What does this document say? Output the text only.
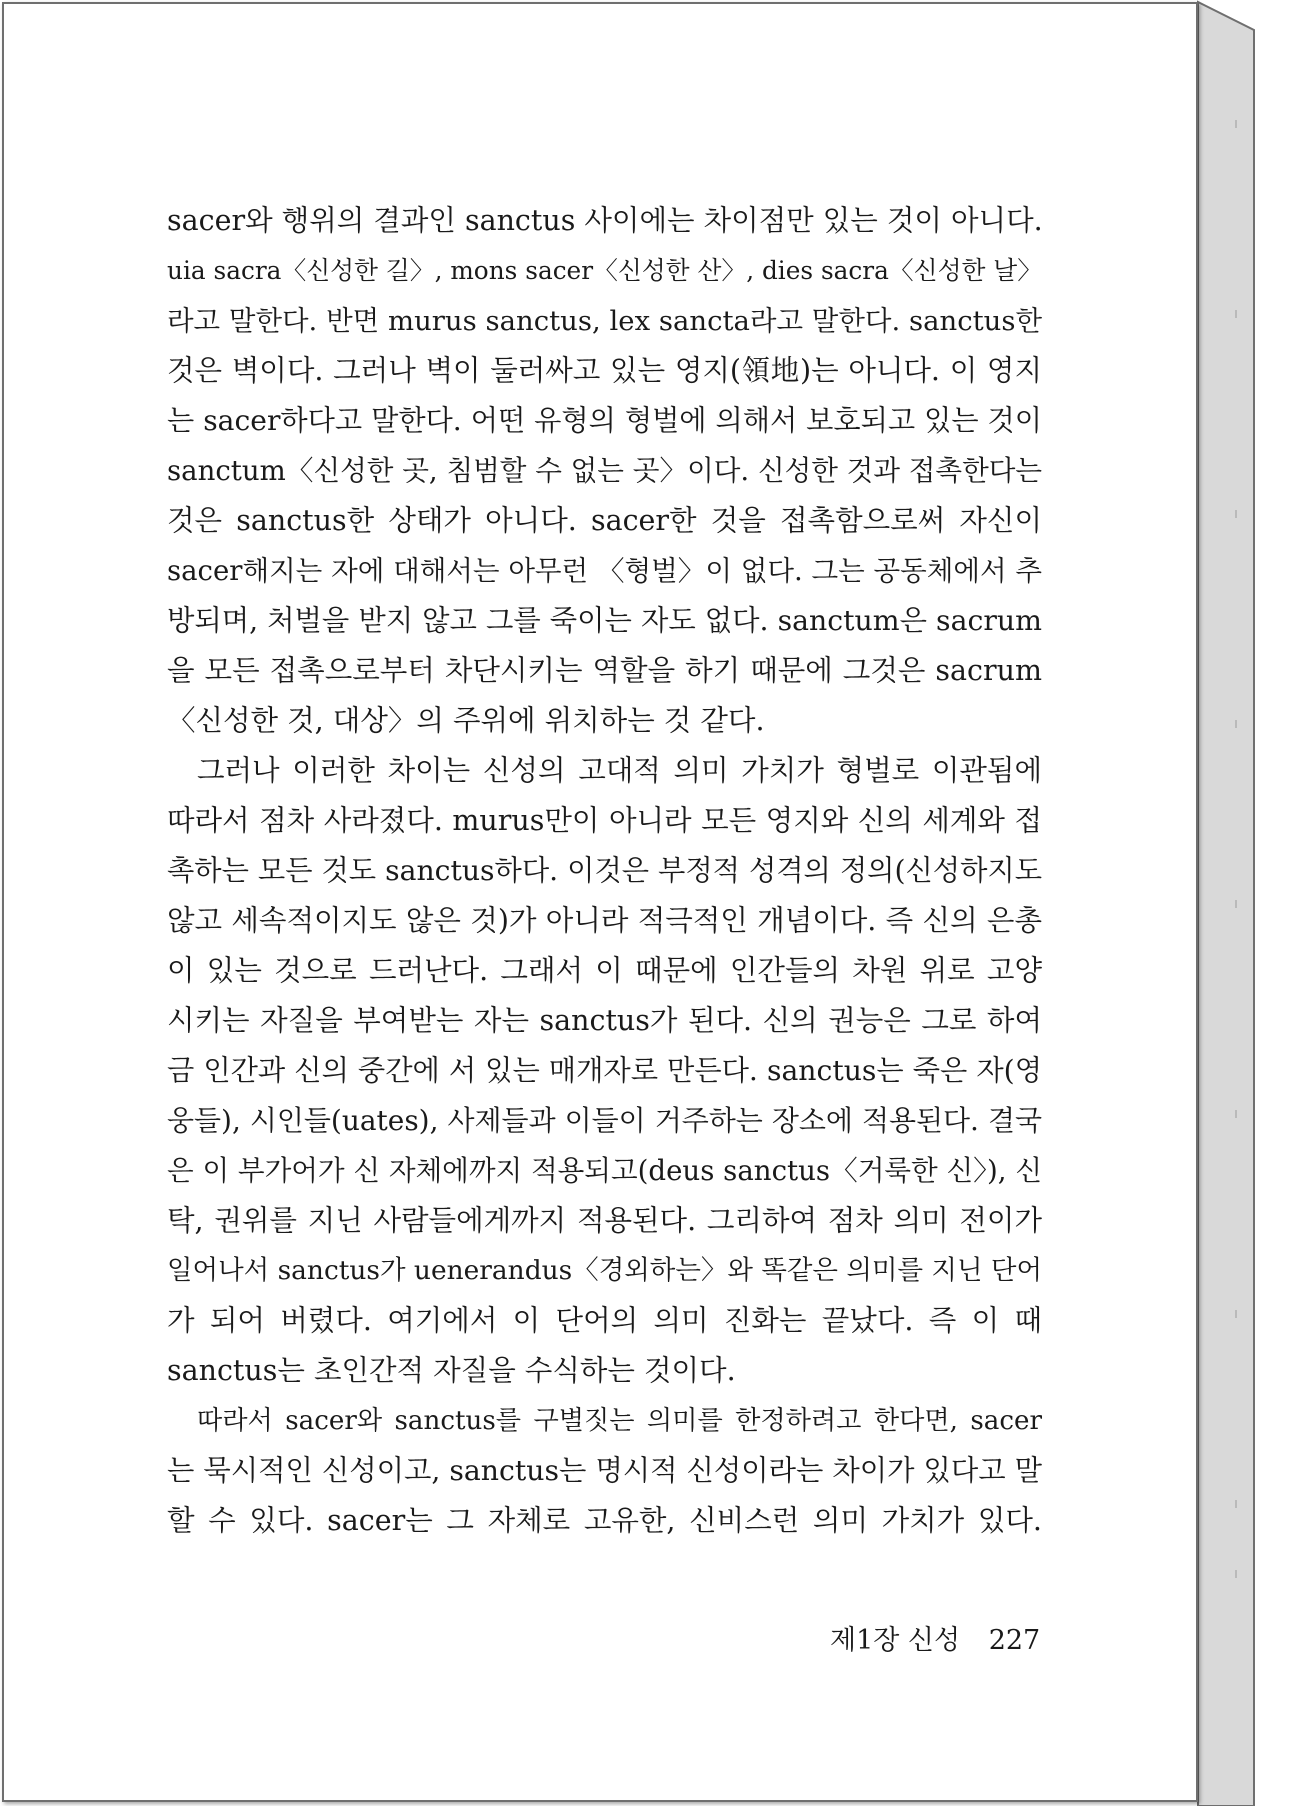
sacer와 행위의 결과인 sanctus 사이에는 차이점만 있는 것이 아니다.
uia sacra〈신성한 길〉, mons sacer〈신성한 산〉, dies sacra〈신성한 날〉
라고 말한다. 반면 murus sanctus, lex sancta라고 말한다. sanctus한
것은 벽이다. 그러나 벽이 둘러싸고 있는 영지(領地)는 아니다. 이 영지
는 sacer하다고 말한다. 어떤 유형의 형벌에 의해서 보호되고 있는 것이
sanctum〈신성한 곳, 침범할 수 없는 곳〉이다. 신성한 것과 접촉한다는
것은 sanctus한 상태가 아니다. sacer한 것을 접촉함으로써 자신이
sacer해지는 자에 대해서는 아무런 〈형벌〉이 없다. 그는 공동체에서 추
방되며, 처벌을 받지 않고 그를 죽이는 자도 없다. sanctum은 sacrum
을 모든 접촉으로부터 차단시키는 역할을 하기 때문에 그것은 sacrum
〈신성한 것, 대상〉의 주위에 위치하는 것 같다.
그러나 이러한 차이는 신성의 고대적 의미 가치가 형벌로 이관됨에
따라서 점차 사라졌다. murus만이 아니라 모든 영지와 신의 세계와 접
촉하는 모든 것도 sanctus하다. 이것은 부정적 성격의 정의(신성하지도
않고 세속적이지도 않은 것)가 아니라 적극적인 개념이다. 즉 신의 은총
이 있는 것으로 드러난다. 그래서 이 때문에 인간들의 차원 위로 고양
시키는 자질을 부여받는 자는 sanctus가 된다. 신의 권능은 그로 하여
금 인간과 신의 중간에 서 있는 매개자로 만든다. sanctus는 죽은 자(영
웅들), 시인들(uates), 사제들과 이들이 거주하는 장소에 적용된다. 결국
은 이 부가어가 신 자체에까지 적용되고(deus sanctus〈거룩한 신〉), 신
탁, 권위를 지닌 사람들에게까지 적용된다. 그리하여 점차 의미 전이가
일어나서 sanctus가 uenerandus〈경외하는〉와 똑같은 의미를 지닌 단어
가 되어 버렸다. 여기에서 이 단어의 의미 진화는 끝났다. 즉 이 때
sanctus는 초인간적 자질을 수식하는 것이다.
따라서 sacer와 sanctus를 구별짓는 의미를 한정하려고 한다면, sacer
는 묵시적인 신성이고, sanctus는 명시적 신성이라는 차이가 있다고 말
할 수 있다. sacer는 그 자체로 고유한, 신비스런 의미 가치가 있다.
제1장 신성 227
